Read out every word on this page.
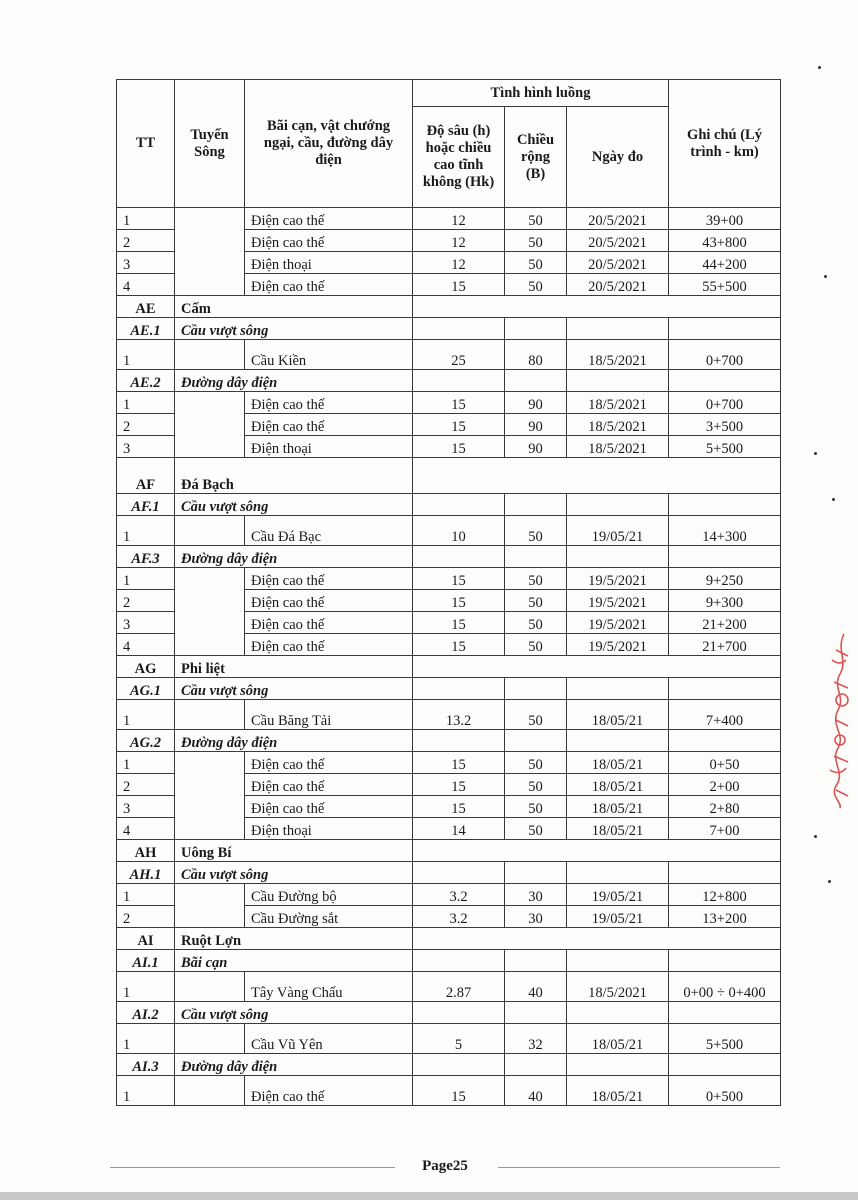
TT	Tuyến Sông	Bãi cạn, vật chướng ngại, cầu, đường dây điện	Tình hình luồng			Ghi chú (Lý trình - km)
			Độ sâu (h) hoặc chiều cao tĩnh không (Hk)	Chiều rộng (B)	Ngày đo	
1		Điện cao thế	12	50	20/5/2021	39+00
2		Điện cao thế	12	50	20/5/2021	43+800
3		Điện thoại	12	50	20/5/2021	44+200
4		Điện cao thế	15	50	20/5/2021	55+500
AE	Cấm					
AE.1	Cầu vượt sông					
1		Cầu Kiền	25	80	18/5/2021	0+700
AE.2	Đường dây điện					
1		Điện cao thế	15	90	18/5/2021	0+700
2		Điện cao thế	15	90	18/5/2021	3+500
3		Điện thoại	15	90	18/5/2021	5+500
AF	Đá Bạch					
AF.1	Cầu vượt sông					
1		Cầu Đá Bạc	10	50	19/05/21	14+300
AF.3	Đường dây điện					
1		Điện cao thế	15	50	19/5/2021	9+250
2		Điện cao thế	15	50	19/5/2021	9+300
3		Điện cao thế	15	50	19/5/2021	21+200
4		Điện cao thế	15	50	19/5/2021	21+700
AG	Phi liệt					
AG.1	Cầu vượt sông					
1		Cầu Băng Tải	13.2	50	18/05/21	7+400
AG.2	Đường dây điện					
1		Điện cao thế	15	50	18/05/21	0+50
2		Điện cao thế	15	50	18/05/21	2+00
3		Điện cao thế	15	50	18/05/21	2+80
4		Điện thoại	14	50	18/05/21	7+00
AH	Uông Bí					
AH.1	Cầu vượt sông					
1		Cầu Đường bộ	3.2	30	19/05/21	12+800
2		Cầu Đường sắt	3.2	30	19/05/21	13+200
AI	Ruột Lợn					
AI.1	Bãi cạn					
1		Tây Vàng Chấu	2.87	40	18/5/2021	0+00 ÷ 0+400
AI.2	Cầu vượt sông					
1		Cầu Vũ Yên	5	32	18/05/21	5+500
AI.3	Đường dây điện					
1		Điện cao thế	15	40	18/05/21	0+500
Page25
